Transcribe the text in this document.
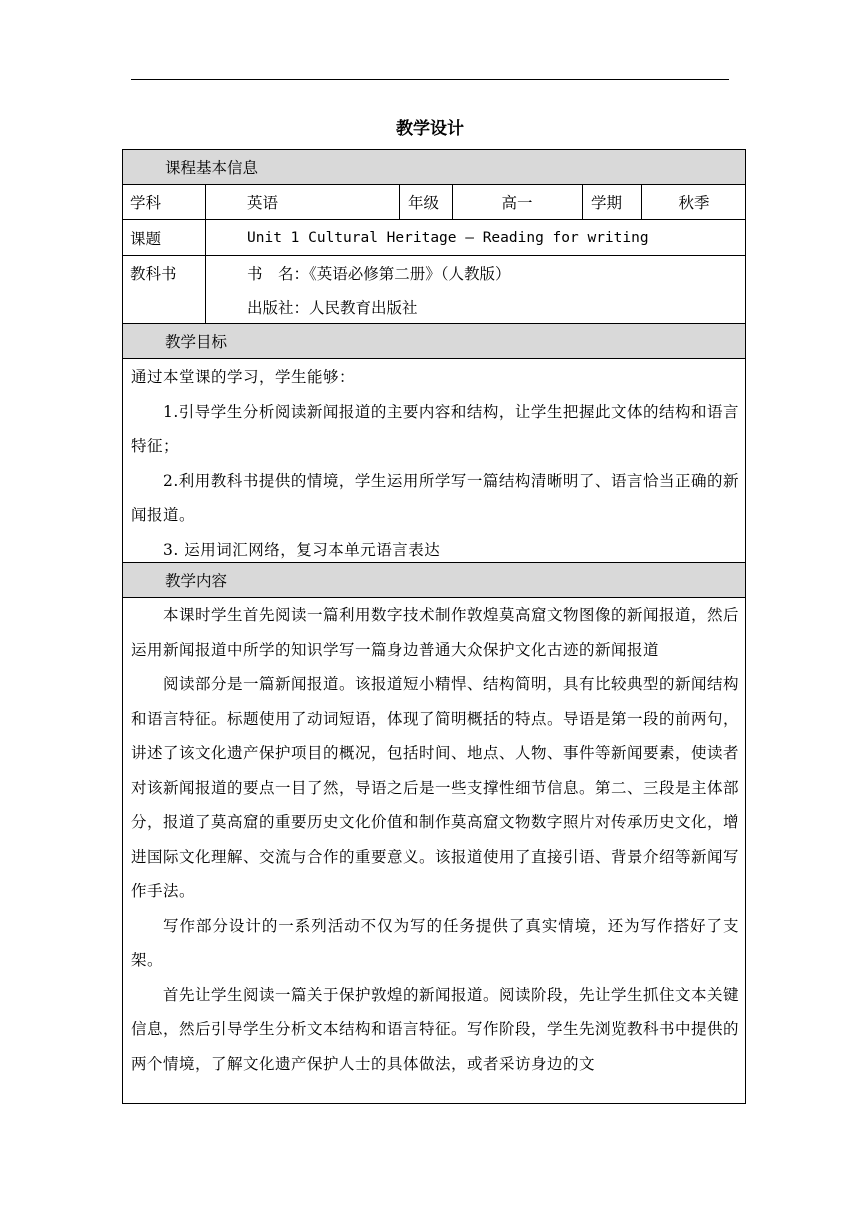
教学设计
课程基本信息
学科	英语	年级	高一	学期	秋季
课题	Unit 1 Cultural Heritage — Reading for writing
教科书	书　名：《英语必修第二册》（人教版）
出版社：人民教育出版社
教学目标

通过本堂课的学习，学生能够：

1.引导学生分析阅读新闻报道的主要内容和结构，让学生把握此文体的结构和语言特征；

2.利用教科书提供的情境，学生运用所学写一篇结构清晰明了、语言恰当正确的新闻报道。

3. 运用词汇网络，复习本单元语言表达

教学内容

本课时学生首先阅读一篇利用数字技术制作敦煌莫高窟文物图像的新闻报道，然后运用新闻报道中所学的知识学写一篇身边普通大众保护文化古迹的新闻报道

阅读部分是一篇新闻报道。该报道短小精悍、结构简明，具有比较典型的新闻结构和语言特征。标题使用了动词短语，体现了简明概括的特点。导语是第一段的前两句，讲述了该文化遗产保护项目的概况，包括时间、地点、人物、事件等新闻要素，使读者对该新闻报道的要点一目了然，导语之后是一些支撑性细节信息。第二、三段是主体部分，报道了莫高窟的重要历史文化价值和制作莫高窟文物数字照片对传承历史文化，增进国际文化理解、交流与合作的重要意义。该报道使用了直接引语、背景介绍等新闻写作手法。

写作部分设计的一系列活动不仅为写的任务提供了真实情境，还为写作搭好了支架。

首先让学生阅读一篇关于保护敦煌的新闻报道。阅读阶段，先让学生抓住文本关键信息，然后引导学生分析文本结构和语言特征。写作阶段，学生先浏览教科书中提供的两个情境，了解文化遗产保护人士的具体做法，或者采访身边的文
